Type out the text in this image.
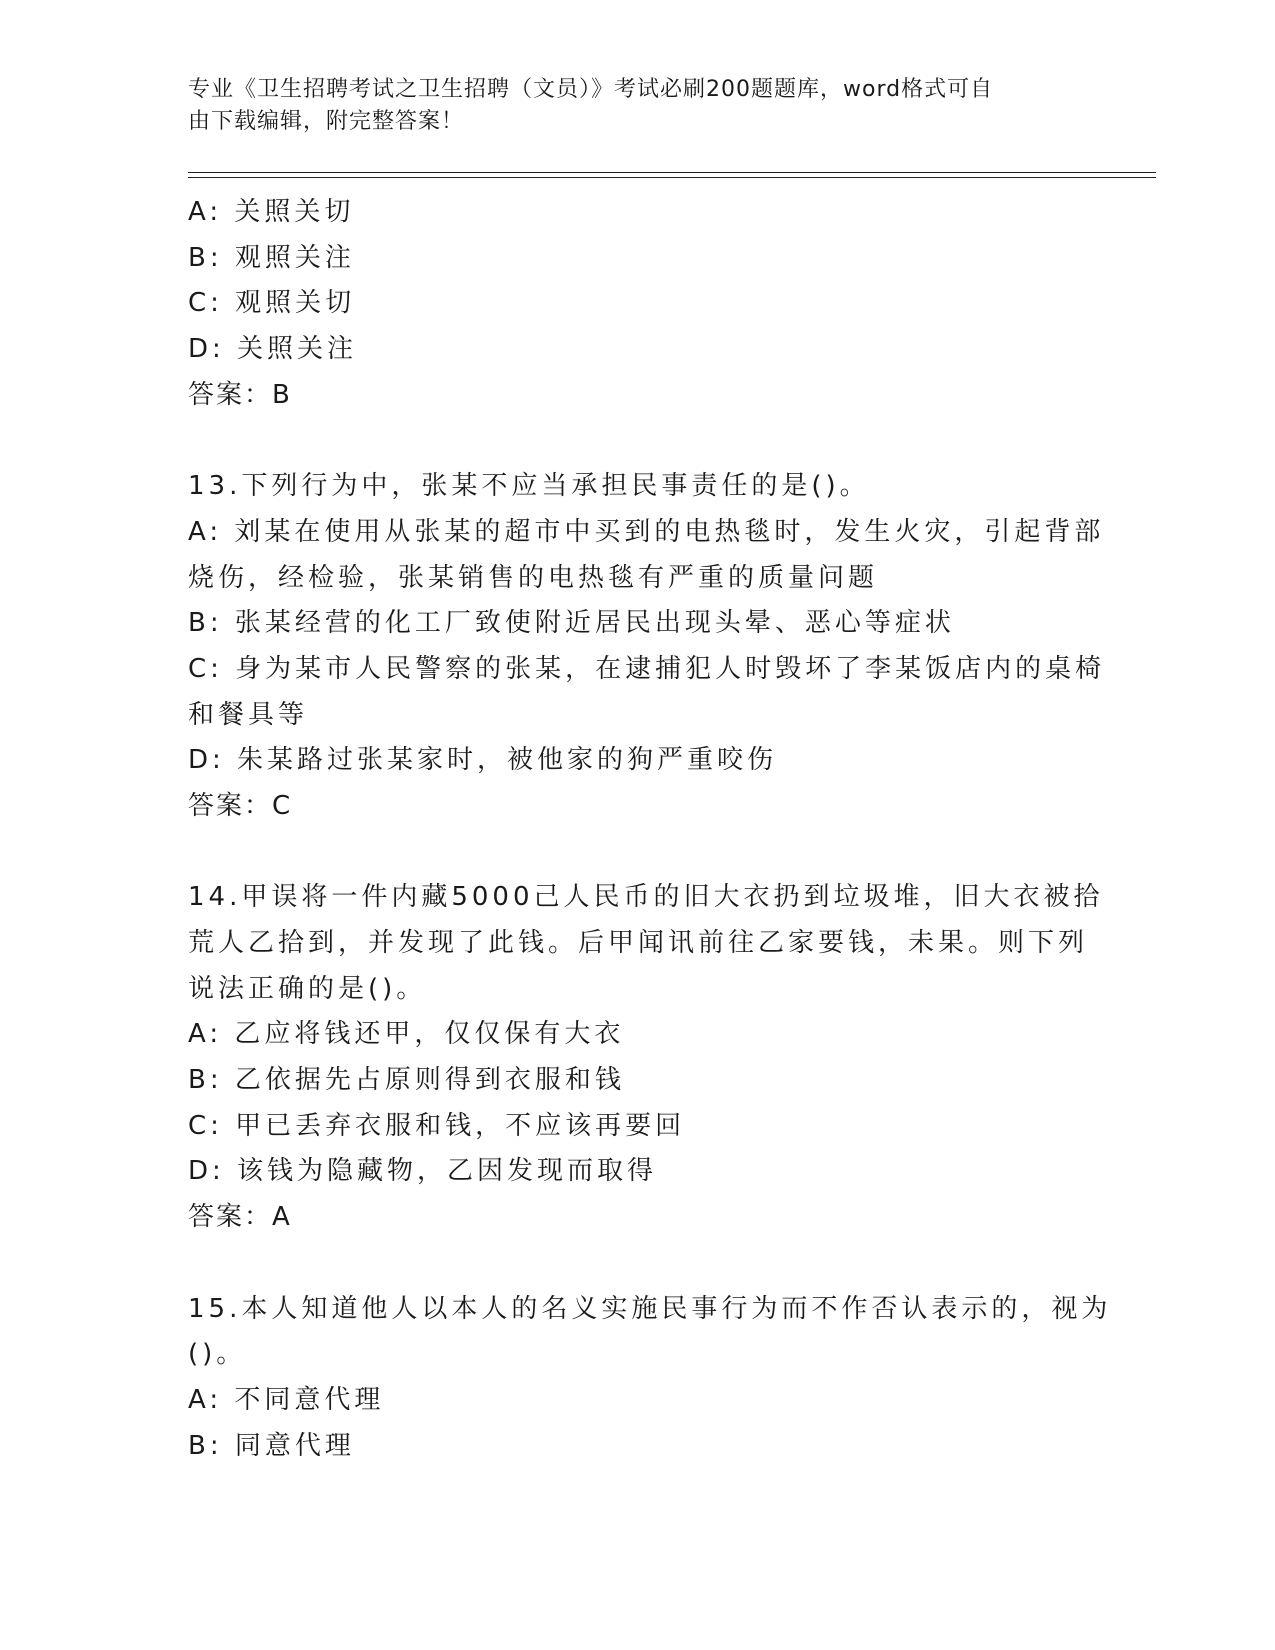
专业《卫生招聘考试之卫生招聘（文员）》考试必刷200题题库，word格式可自
由下载编辑，附完整答案！
A: 关照关切
B: 观照关注
C: 观照关切
D: 关照关注
答案：B
13.下列行为中，张某不应当承担民事责任的是()。
A: 刘某在使用从张某的超市中买到的电热毯时，发生火灾，引起背部
烧伤，经检验，张某销售的电热毯有严重的质量问题
B: 张某经营的化工厂致使附近居民出现头晕、恶心等症状
C: 身为某市人民警察的张某，在逮捕犯人时毁坏了李某饭店内的桌椅
和餐具等
D: 朱某路过张某家时，被他家的狗严重咬伤
答案：C
14.甲误将一件内藏5000己人民币的旧大衣扔到垃圾堆，旧大衣被拾
荒人乙拾到，并发现了此钱。后甲闻讯前往乙家要钱，未果。则下列
说法正确的是()。
A: 乙应将钱还甲，仅仅保有大衣
B: 乙依据先占原则得到衣服和钱
C: 甲已丢弃衣服和钱，不应该再要回
D: 该钱为隐藏物，乙因发现而取得
答案：A
15.本人知道他人以本人的名义实施民事行为而不作否认表示的，视为
()。
A: 不同意代理
B: 同意代理
